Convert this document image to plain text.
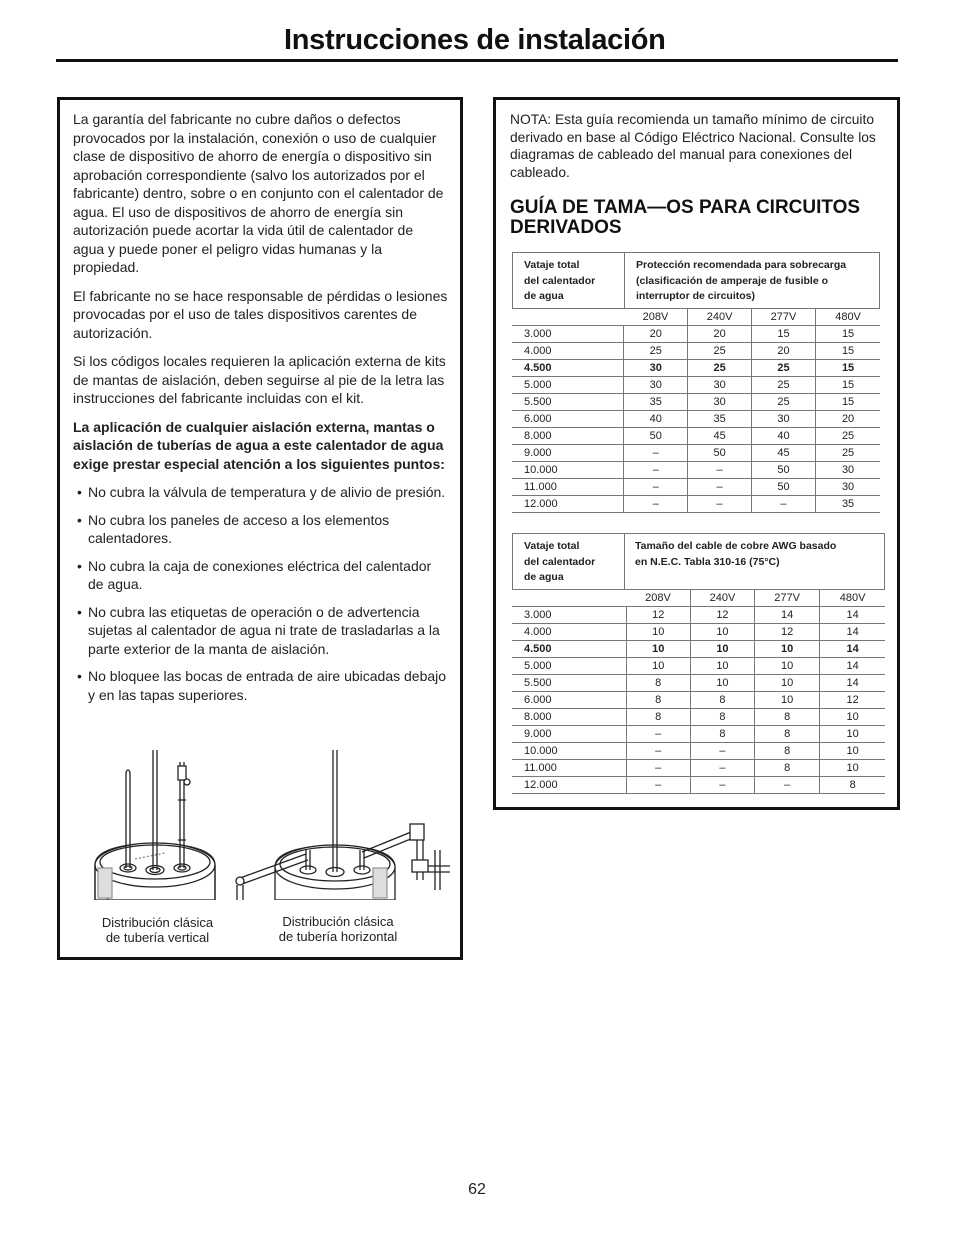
Instrucciones de instalación

La garantía del fabricante no cubre daños o defectos provocados por la instalación, conexión o uso de cualquier clase de dispositivo de ahorro de energía o dispositivo sin aprobación correspondiente (salvo los autorizados por el fabricante) dentro, sobre o en conjunto con el calentador de agua. El uso de dispositivos de ahorro de energía sin autorización puede acortar la vida útil de calentador de agua y puede poner el peligro vidas humanas y la propiedad.

El fabricante no se hace responsable de pérdidas o lesiones provocadas por el uso de tales dispositivos carentes de autorización.

Si los códigos locales requieren la aplicación externa de kits de mantas de aislación, deben seguirse al pie de la letra las instrucciones del fabricante incluidas con el kit.

La aplicación de cualquier aislación externa, mantas o aislación de tuberías de agua a este calentador de agua exige prestar especial atención a los siguientes puntos:

• No cubra la válvula de temperatura y de alivio de presión.
• No cubra los paneles de acceso a los elementos calentadores.
• No cubra la caja de conexiones eléctrica del calentador de agua.
• No cubra las etiquetas de operación o de advertencia sujetas al calentador de agua ni trate de trasladarlas a la parte exterior de la manta de aislación.
• No bloquee las bocas de entrada de aire ubicadas debajo y en las tapas superiores.
Distribución clásica
de tubería vertical
Distribución clásica
de tubería horizontal
NOTA: Esta guía recomienda un tamaño mínimo de circuito derivado en base al Código Eléctrico Nacional. Consulte los diagramas de cableado del manual para conexiones del cableado.
GUÍA DE TAMA—OS PARA CIRCUITOS
DERIVADOS
Vataje total
del calentador
de agua
Protección recomendada para sobrecarga
(clasificación de amperaje de fusible o
interruptor de circuitos)
	208V	240V	277V	480V
3.000	20	20	15	15
4.000	25	25	20	15
4.500	30	25	25	15
5.000	30	30	25	15
5.500	35	30	25	15
6.000	40	35	30	20
8.000	50	45	40	25
9.000	–	50	45	25
10.000	–	–	50	30
11.000	–	–	50	30
12.000	–	–	–	35
Vataje total
del calentador
de agua
Tamaño del cable de cobre AWG basado
en N.E.C. Tabla 310-16 (75°C)
	208V	240V	277V	480V
3.000	12	12	14	14
4.000	10	10	12	14
4.500	10	10	10	14
5.000	10	10	10	14
5.500	8	10	10	14
6.000	8	8	10	12
8.000	8	8	8	10
9.000	–	8	8	10
10.000	–	–	8	10
11.000	–	–	8	10
12.000	–	–	–	8
62
